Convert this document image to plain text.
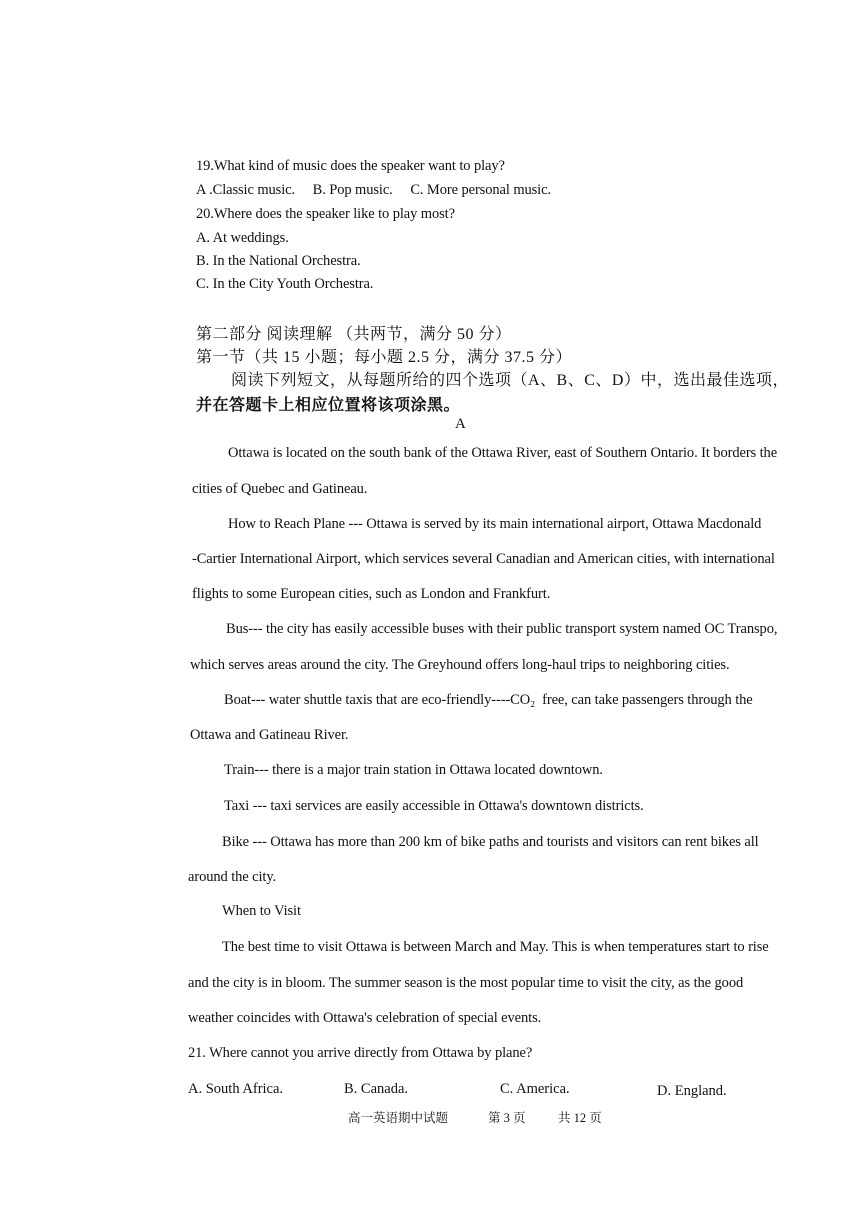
19.What kind of music does the speaker want to play?
A .Classic music.     B. Pop music.     C. More personal music.
20.Where does the speaker like to play most?
A. At weddings.
B. In the National Orchestra.
C. In the City Youth Orchestra.
第二部分 阅读理解 （共两节，满分 50 分）
第一节（共 15 小题；每小题 2.5 分，满分 37.5 分）
阅读下列短文，从每题所给的四个选项（A、B、C、D）中，选出最佳选项，
并在答题卡上相应位置将该项涂黑。
A
Ottawa is located on the south bank of the Ottawa River, east of Southern Ontario. It borders the
cities of Quebec and Gatineau.
How to Reach Plane --- Ottawa is served by its main international airport, Ottawa Macdonald
-Cartier International Airport, which services several Canadian and American cities, with international
flights to some European cities, such as London and Frankfurt.
Bus--- the city has easily accessible buses with their public transport system named OC Transpo,
which serves areas around the city. The Greyhound offers long-haul trips to neighboring cities.
Boat--- water shuttle taxis that are eco-friendly----CO₂  free, can take passengers through the
Ottawa and Gatineau River.
Train--- there is a major train station in Ottawa located downtown.
Taxi --- taxi services are easily accessible in Ottawa's downtown districts.
Bike --- Ottawa has more than 200 km of bike paths and tourists and visitors can rent bikes all
around the city.
When to Visit
The best time to visit Ottawa is between March and May. This is when temperatures start to rise
and the city is in bloom. The summer season is the most popular time to visit the city, as the good
weather coincides with Ottawa's celebration of special events.
21. Where cannot you arrive directly from Ottawa by plane?
A. South Africa.	B. Canada.	C. America.	D. England.
高一英语期中试题	第 3 页	共 12 页
